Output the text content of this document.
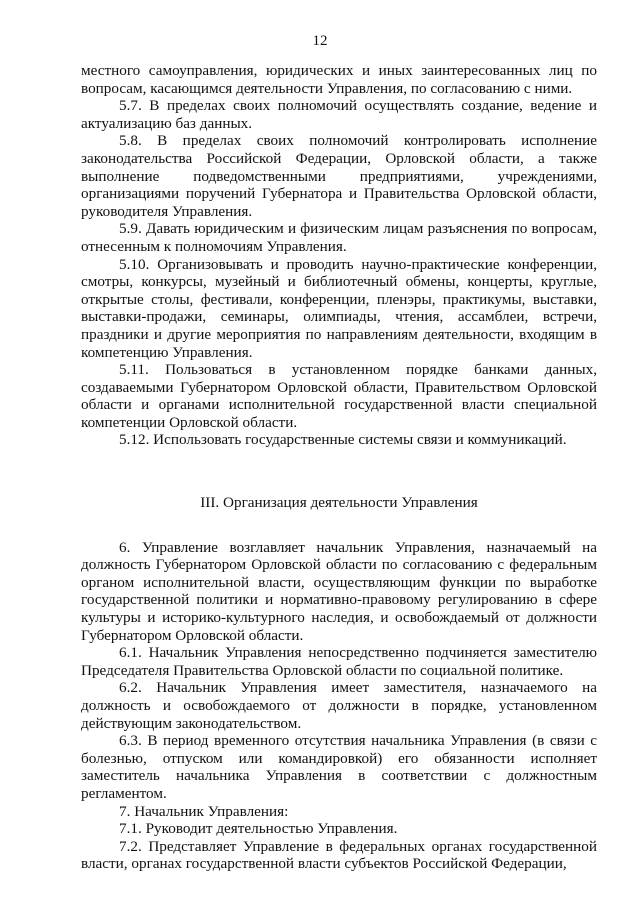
12

местного самоуправления, юридических и иных заинтересованных лиц по вопросам, касающимся деятельности Управления, по согласованию с ними.

5.7. В пределах своих полномочий осуществлять создание, ведение и актуализацию баз данных.

5.8. В пределах своих полномочий контролировать исполнение законодательства Российской Федерации, Орловской области, а также выполнение подведомственными предприятиями, учреждениями, организациями поручений Губернатора и Правительства Орловской области, руководителя Управления.

5.9. Давать юридическим и физическим лицам разъяснения по вопросам, отнесенным к полномочиям Управления.

5.10. Организовывать и проводить научно-практические конференции, смотры, конкурсы, музейный и библиотечный обмены, концерты, круглые, открытые столы, фестивали, конференции, пленэры, практикумы, выставки, выставки-продажи, семинары, олимпиады, чтения, ассамблеи, встречи, праздники и другие мероприятия по направлениям деятельности, входящим в компетенцию Управления.

5.11. Пользоваться в установленном порядке банками данных, создаваемыми Губернатором Орловской области, Правительством Орловской области и органами исполнительной государственной власти специальной компетенции Орловской области.

5.12. Использовать государственные системы связи и коммуникаций.

III. Организация деятельности Управления

6. Управление возглавляет начальник Управления, назначаемый на должность Губернатором Орловской области по согласованию с федеральным органом исполнительной власти, осуществляющим функции по выработке государственной политики и нормативно-правовому регулированию в сфере культуры и историко-культурного наследия, и освобождаемый от должности Губернатором Орловской области.

6.1. Начальник Управления непосредственно подчиняется заместителю Председателя Правительства Орловской области по социальной политике.

6.2. Начальник Управления имеет заместителя, назначаемого на должность и освобождаемого от должности в порядке, установленном действующим законодательством.

6.3. В период временного отсутствия начальника Управления (в связи с болезнью, отпуском или командировкой) его обязанности исполняет заместитель начальника Управления в соответствии с должностным регламентом.

7. Начальник Управления:

7.1. Руководит деятельностью Управления.

7.2. Представляет Управление в федеральных органах государственной власти, органах государственной власти субъектов Российской Федерации,
